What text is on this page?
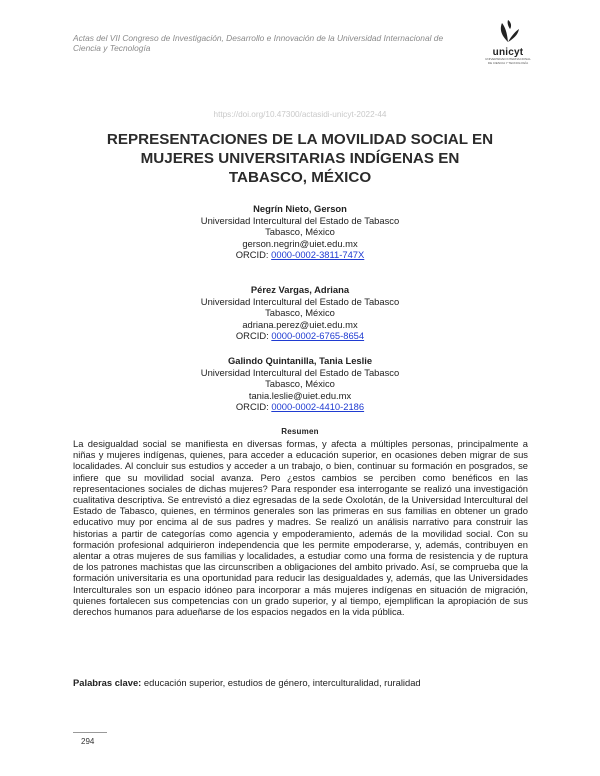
Actas del VII Congreso de Investigación, Desarrollo e Innovación de la Universidad Internacional de Ciencia y Tecnología	unicyt
UNIVERSIDAD INTERNACIONAL DE CIENCIA Y TECNOLOGÍA
https://doi.org/10.47300/actasidi-unicyt-2022-44
REPRESENTACIONES DE LA MOVILIDAD SOCIAL EN
MUJERES UNIVERSITARIAS INDÍGENAS EN
TABASCO, MÉXICO
Negrín Nieto, Gerson
Universidad Intercultural del Estado de Tabasco
Tabasco, México
gerson.negrin@uiet.edu.mx
ORCID: 0000-0002-3811-747X
Pérez Vargas, Adriana
Universidad Intercultural del Estado de Tabasco
Tabasco, México
adriana.perez@uiet.edu.mx
ORCID: 0000-0002-6765-8654
Galindo Quintanilla, Tania Leslie
Universidad Intercultural del Estado de Tabasco
Tabasco, México
tania.leslie@uiet.edu.mx
ORCID: 0000-0002-4410-2186
Resumen
La desigualdad social se manifiesta en diversas formas, y afecta a múltiples personas, principalmente a niñas y mujeres indígenas, quienes, para acceder a educación superior, en ocasiones deben migrar de sus localidades. Al concluir sus estudios y acceder a un trabajo, o bien, continuar su formación en posgrados, se infiere que su movilidad social avanza. Pero ¿estos cambios se perciben como benéficos en las representaciones sociales de dichas mujeres? Para responder esa interrogante se realizó una investigación cualitativa descriptiva. Se entrevistó a diez egresadas de la sede Oxolotán, de la Universidad Intercultural del Estado de Tabasco, quienes, en términos generales son las primeras en sus familias en obtener un grado educativo muy por encima al de sus padres y madres. Se realizó un análisis narrativo para construir las historias a partir de categorías como agencia y empoderamiento, además de la movilidad social. Con su formación profesional adquirieron independencia que les permite empoderarse, y, además, contribuyen en alentar a otras mujeres de sus familias y localidades, a estudiar como una forma de resistencia y de ruptura de los patrones machistas que las circunscriben a obligaciones del ambito privado. Así, se comprueba que la formación universitaria es una oportunidad para reducir las desigualdades y, además, que las Universidades Interculturales son un espacio idóneo para incorporar a más mujeres indígenas en situación de migración, quienes fortalecen sus competencias con un grado superior, y al tiempo, ejemplifican la apropiación de sus derechos humanos para adueñarse de los espacios negados en la vida pública.
Palabras clave: educación superior, estudios de género, interculturalidad, ruralidad
294
